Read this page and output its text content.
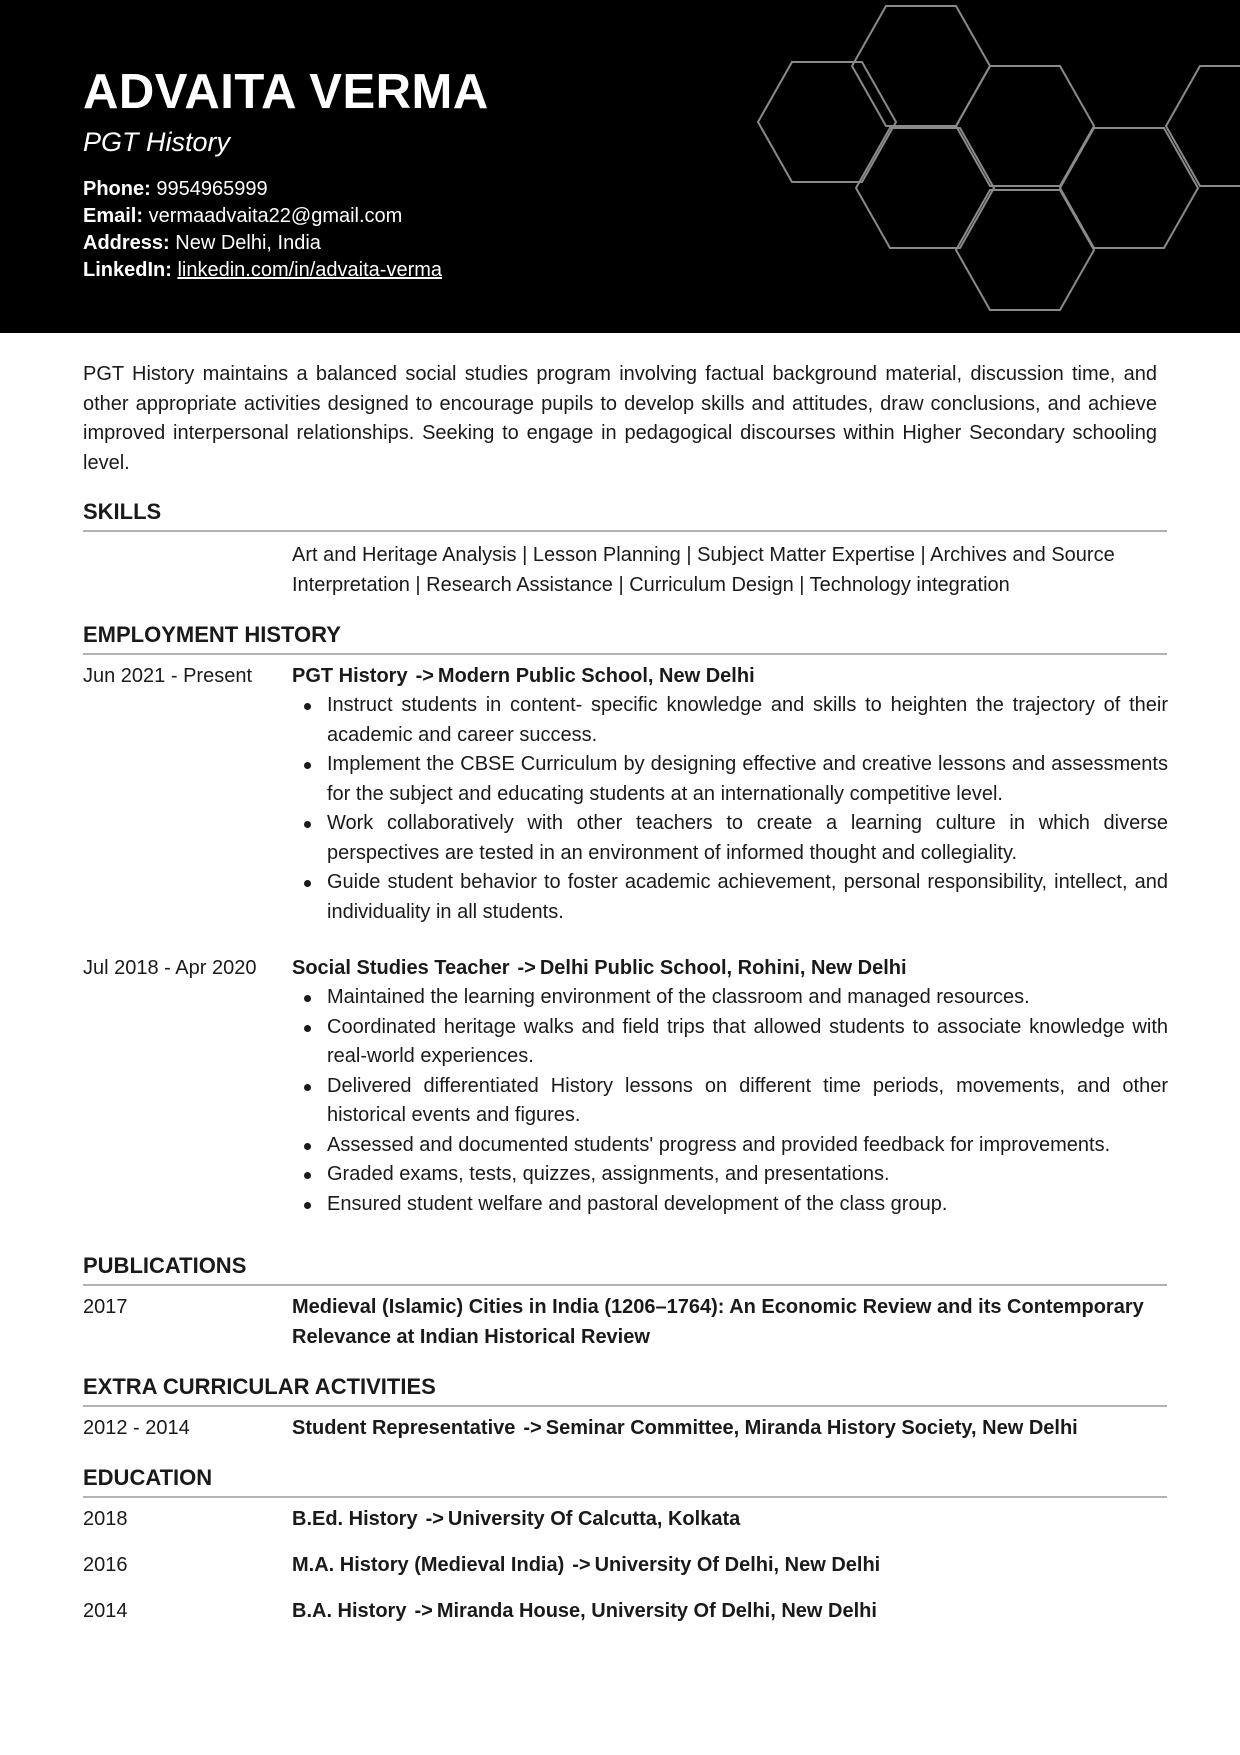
ADVAITA VERMA
PGT History
Phone: 9954965999
Email: vermaadvaita22@gmail.com
Address: New Delhi, India
LinkedIn: linkedin.com/in/advaita-verma

PGT History maintains a balanced social studies program involving factual background material, discussion time, and other appropriate activities designed to encourage pupils to develop skills and attitudes, draw conclusions, and achieve improved interpersonal relationships. Seeking to engage in pedagogical discourses within Higher Secondary schooling level.

SKILLS

Art and Heritage Analysis | Lesson Planning | Subject Matter Expertise | Archives and Source Interpretation | Research Assistance | Curriculum Design | Technology integration

EMPLOYMENT HISTORY
Jun 2021 - Present PGT History -> Modern Public School, New Delhi
Instruct students in content- specific knowledge and skills to heighten the trajectory of their academic and career success.
Implement the CBSE Curriculum by designing effective and creative lessons and assessments for the subject and educating students at an internationally competitive level.
Work collaboratively with other teachers to create a learning culture in which diverse perspectives are tested in an environment of informed thought and collegiality.
Guide student behavior to foster academic achievement, personal responsibility, intellect, and individuality in all students.
Jul 2018 - Apr 2020 Social Studies Teacher -> Delhi Public School, Rohini, New Delhi
Maintained the learning environment of the classroom and managed resources.
Coordinated heritage walks and field trips that allowed students to associate knowledge with real-world experiences.
Delivered differentiated History lessons on different time periods, movements, and other historical events and figures.
Assessed and documented students' progress and provided feedback for improvements.
Graded exams, tests, quizzes, assignments, and presentations.
Ensured student welfare and pastoral development of the class group.
PUBLICATIONS
2017	Medieval (Islamic) Cities in India (1206–1764): An Economic Review and its Contemporary Relevance at Indian Historical Review
EXTRA CURRICULAR ACTIVITIES
2012 - 2014	Student Representative -> Seminar Committee, Miranda History Society, New Delhi
EDUCATION
2018	B.Ed. History -> University Of Calcutta, Kolkata
2016	M.A. History (Medieval India) -> University Of Delhi, New Delhi
2014	B.A. History -> Miranda House, University Of Delhi, New Delhi
